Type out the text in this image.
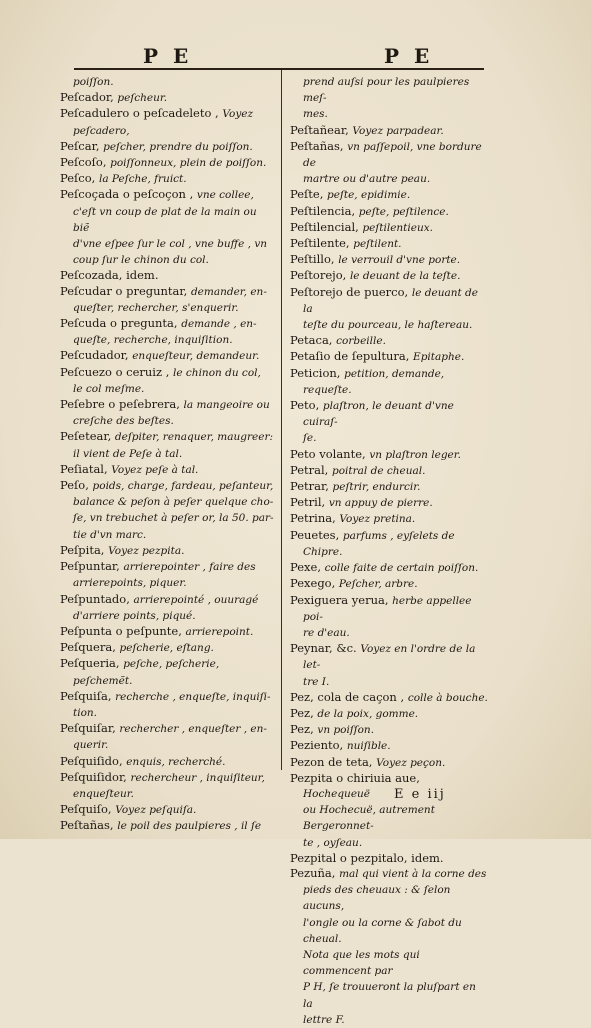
P E	P E

poiſſon.

Peſcador, peſcheur.

Peſcadulero o peſcadeleto , Voyez

peſcadero,

Peſcar, peſcher, prendre du poiſſon.

Peſcoſo, poiſſonneux, plein de poiſſon.

Peſco, la Peſche, fruict.

Peſcoçada o peſcoçon , vne collee,

c'eſt vn coup de plat de la main ou biẽ

d'vne eſpee ſur le col , vne buffe , vn

coup ſur le chinon du col.

Peſcozada, idem.

Peſcudar o preguntar, demander, en-

queſter, rechercher, s'enquerir.

Peſcuda o pregunta, demande , en-

queſte, recherche, inquiſition.

Peſcudador, enqueſteur, demandeur.

Peſcuezo o ceruiz , le chinon du col,

le col meſme.

Peſebre o peſebrera, la mangeoire ou

creſche des beſtes.

Peſetear, deſpiter, renaquer, maugreer:

il vient de Peſe à tal.

Peſiatal, Voyez peſe à tal.

Peſo, poids, charge, fardeau, peſanteur,

balance & peſon à peſer quelque cho-

ſe, vn trebuchet à peſer or, la 50. par-

tie d'vn marc.

Peſpita, Voyez pezpita.

Peſpuntar, arrierepointer , faire des

arrierepoints, piquer.

Peſpuntado, arrierepointé , ouuragé

d'arriere points, piqué.

Peſpunta o peſpunte, arrierepoint.

Peſquera, peſcherie, eſtang.

Peſqueria, peſche, peſcherie, peſchemẽt.

Peſquiſa, recherche , enqueſte, inquiſi-

tion.

Peſquiſar, rechercher , enqueſter , en-

querir.

Peſquiſido, enquis, recherché.

Peſquiſidor, rechercheur , inquiſiteur,

enqueſteur.

Peſquiſo, Voyez peſquiſa.

Peſtañas, le poil des paulpieres , il ſe

prend auſsi pour les paulpieres meſ-

mes.

Peſtañear, Voyez parpadear.

Peſtañas, vn paſſepoil, vne bordure de

martre ou d'autre peau.

Peſte, peſte, epidimie.

Peſtilencia, peſte, peſtilence.

Peſtilencial, peſtilentieux.

Peſtilente, peſtilent.

Peſtillo, le verrouil d'vne porte.

Peſtorejo, le deuant de la teſte.

Peſtorejo de puerco, le deuant de la

teſte du pourceau, le haſtereau.

Petaca, corbeille.

Petaſio de ſepultura, Epitaphe.

Peticion, petition, demande, requeſte.

Peto, plaſtron, le deuant d'vne cuiraſ-

ſe.

Peto volante, vn plaſtron leger.

Petral, poitral de cheual.

Petrar, peſtrir, endurcir.

Petril, vn appuy de pierre.

Petrina, Voyez pretina.

Peuetes, parfums , eyſelets de Chipre.

Pexe, colle faite de certain poiſſon.

Pexego, Peſcher, arbre.

Pexiguera yerua, herbe appellee poi-

re d'eau.

Peynar, &c. Voyez en l'ordre de la let-

tre I.

Pez, cola de caçon , colle à bouche.

Pez, de la poix, gomme.

Pez, vn poiſſon.

Peziento, nuiſible.

Pezon de teta, Voyez peçon.

Pezpita o chiriuia aue, Hochequeuë

ou Hochecuë, autrement Bergeronnet-

te , oyſeau.

Pezpital o pezpitalo, idem.

Pezuña, mal qui vient à la corne des

pieds des cheuaux : & ſelon aucuns,

l'ongle ou la corne & ſabot du cheual.

Nota que les mots qui commencent par

P H, ſe trouueront la pluſpart en la

lettre F.

E e iij
